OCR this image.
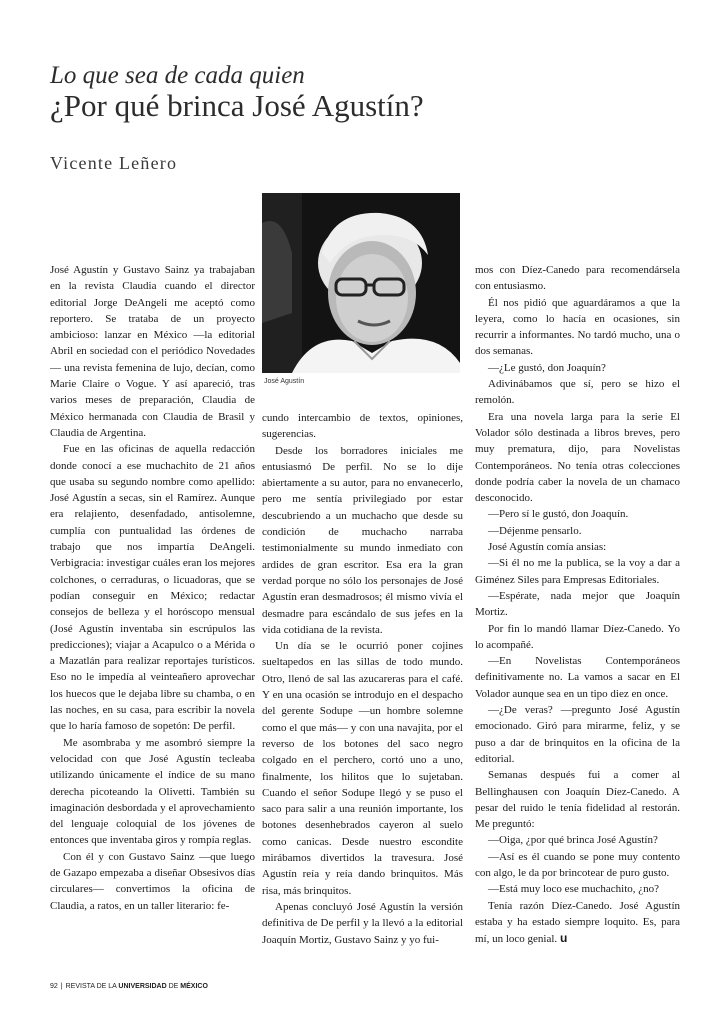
Lo que sea de cada quien
¿Por qué brinca José Agustín?
Vicente Leñero
José Agustín

José Agustín y Gustavo Sainz ya trabajaban en la revista Claudia cuando el director editorial Jorge DeAngeli me aceptó como reportero. Se trataba de un proyecto ambicioso: lanzar en México —la editorial Abril en sociedad con el periódico Novedades— una revista femenina de lujo, decían, como Marie Claire o Vogue. Y así apareció, tras varios meses de preparación, Claudia de México hermanada con Claudia de Brasil y Claudia de Argentina.

Fue en las oficinas de aquella redacción donde conocí a ese muchachito de 21 años que usaba su segundo nombre como apellido: José Agustín a secas, sin el Ramírez. Aunque era relajiento, desenfadado, antisolemne, cumplía con puntualidad las órdenes de trabajo que nos impartía DeAngeli. Verbigracia: investigar cuáles eran los mejores colchones, o cerraduras, o licuadoras, que se podían conseguir en México; redactar consejos de belleza y el horóscopo mensual (José Agustín inventaba sin escrúpulos las predicciones); viajar a Acapulco o a Mérida o a Mazatlán para realizar reportajes turísticos. Eso no le impedía al veinteañero aprovechar los huecos que le dejaba libre su chamba, o en las noches, en su casa, para escribir la novela que lo haría famoso de sopetón: De perfil.

Me asombraba y me asombró siempre la velocidad con que José Agustín tecleaba utilizando únicamente el índice de su mano derecha picoteando la Olivetti. También su imaginación desbordada y el aprovechamiento del lenguaje coloquial de los jóvenes de entonces que inventaba giros y rompía reglas.

Con él y con Gustavo Sainz —que luego de Gazapo empezaba a diseñar Obsesivos días circulares— convertimos la oficina de Claudia, a ratos, en un taller literario: fe-

cundo intercambio de textos, opiniones, sugerencias.

Desde los borradores iniciales me entusiasmó De perfil. No se lo dije abiertamente a su autor, para no envanecerlo, pero me sentía privilegiado por estar descubriendo a un muchacho que desde su condición de muchacho narraba testimonialmente su mundo inmediato con ardides de gran escritor. Esa era la gran verdad porque no sólo los personajes de José Agustín eran desmadrosos; él mismo vivía el desmadre para escándalo de sus jefes en la vida cotidiana de la revista.

Un día se le ocurrió poner cojines sueltapedos en las sillas de todo mundo. Otro, llenó de sal las azucareras para el café. Y en una ocasión se introdujo en el despacho del gerente Sodupe —un hombre solemne como el que más— y con una navajita, por el reverso de los botones del saco negro colgado en el perchero, cortó uno a uno, finalmente, los hilitos que lo sujetaban. Cuando el señor Sodupe llegó y se puso el saco para salir a una reunión importante, los botones desenhebrados cayeron al suelo como canicas. Desde nuestro escondite mirábamos divertidos la travesura. José Agustín reía y reía dando brinquitos. Más risa, más brinquitos.

Apenas concluyó José Agustín la versión definitiva de De perfil y la llevó a la editorial Joaquín Mortiz, Gustavo Sainz y yo fui-

mos con Díez-Canedo para recomendársela con entusiasmo.

Él nos pidió que aguardáramos a que la leyera, como lo hacía en ocasiones, sin recurrir a informantes. No tardó mucho, una o dos semanas.

—¿Le gustó, don Joaquín?

Adivinábamos que sí, pero se hizo el remolón.

Era una novela larga para la serie El Volador sólo destinada a libros breves, pero muy prematura, dijo, para Novelistas Contemporáneos. No tenía otras colecciones donde podría caber la novela de un chamaco desconocido.

—Pero sí le gustó, don Joaquín.

—Déjenme pensarlo.

José Agustín comía ansias:

—Si él no me la publica, se la voy a dar a Giménez Siles para Empresas Editoriales.

—Espérate, nada mejor que Joaquín Mortiz.

Por fin lo mandó llamar Díez-Canedo. Yo lo acompañé.

—En Novelistas Contemporáneos definitivamente no. La vamos a sacar en El Volador aunque sea en un tipo diez en once.

—¿De veras? —pregunto José Agustín emocionado. Giró para mirarme, feliz, y se puso a dar de brinquitos en la oficina de la editorial.

Semanas después fui a comer al Bellinghausen con Joaquín Díez-Canedo. A pesar del ruido le tenía fidelidad al restorán. Me preguntó:

—Oiga, ¿por qué brinca José Agustín?

—Así es él cuando se pone muy contento con algo, le da por brincotear de puro gusto.

—Está muy loco ese muchachito, ¿no?

Tenía razón Díez-Canedo. José Agustín estaba y ha estado siempre loquito. Es, para mí, un loco genial. u

92 | REVISTA DE LA UNIVERSIDAD DE MÉXICO
